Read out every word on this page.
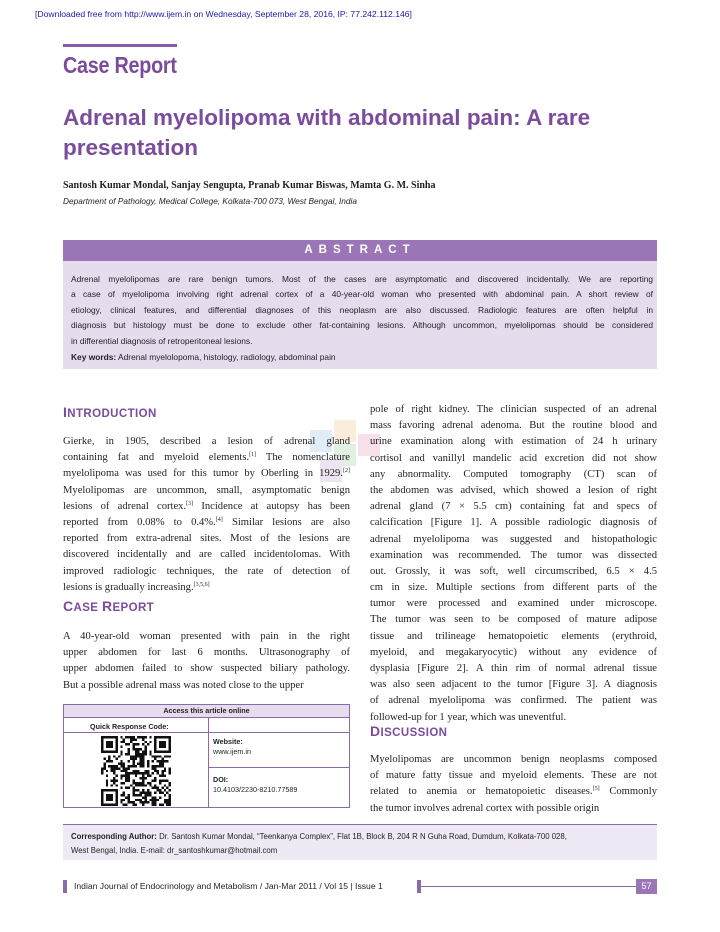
[Downloaded free from http://www.ijem.in on Wednesday, September 28, 2016, IP: 77.242.112.146]
Case Report
Adrenal myelolipoma with abdominal pain: A rare
presentation
Santosh Kumar Mondal, Sanjay Sengupta, Pranab Kumar Biswas, Mamta G. M. Sinha
Department of Pathology, Medical College, Kolkata-700 073, West Bengal, India
ABSTRACT
Adrenal myelolipomas are rare benign tumors. Most of the cases are asymptomatic and discovered incidentally. We are reporting
a case of myelolipoma involving right adrenal cortex of a 40-year-old woman who presented with abdominal pain. A short review of
etiology, clinical features, and differential diagnoses of this neoplasm are also discussed. Radiologic features are often helpful in
diagnosis but histology must be done to exclude other fat-containing lesions. Although uncommon, myelolipomas should be considered
in differential diagnosis of retroperitoneal lesions.
Key words: Adrenal myelolopoma, histology, radiology, abdominal pain
INTRODUCTION
Gierke, in 1905, described a lesion of adrenal gland
containing fat and myeloid elements.[1] The nomenclature
myelolipoma was used for this tumor by Oberling in 1929.[2]
Myelolipomas are uncommon, small, asymptomatic benign
lesions of adrenal cortex.[3] Incidence at autopsy has been
reported from 0.08% to 0.4%.[4] Similar lesions are also
reported from extra-adrenal sites. Most of the lesions are
discovered incidentally and are called incidentolomas. With
improved radiologic techniques, the rate of detection of
lesions is gradually increasing.[3,5,6]
CASE REPORT
A 40-year-old woman presented with pain in the right
upper abdomen for last 6 months. Ultrasonography of
upper abdomen failed to show suspected biliary pathology.
But a possible adrenal mass was noted close to the upper
pole of right kidney. The clinician suspected of an adrenal
mass favoring adrenal adenoma. But the routine blood and
urine examination along with estimation of 24 h urinary
cortisol and vanillyl mandelic acid excretion did not show
any abnormality. Computed tomography (CT) scan of
the abdomen was advised, which showed a lesion of right
adrenal gland (7 × 5.5 cm) containing fat and specs of
calcification [Figure 1]. A possible radiologic diagnosis of
adrenal myelolipoma was suggested and histopathologic
examination was recommended. The tumor was dissected
out. Grossly, it was soft, well circumscribed, 6.5 × 4.5
cm in size. Multiple sections from different parts of the
tumor were processed and examined under microscope.
The tumor was seen to be composed of mature adipose
tissue and trilineage hematopoietic elements (erythroid,
myeloid, and megakaryocytic) without any evidence of
dysplasia [Figure 2]. A thin rim of normal adrenal tissue
was also seen adjacent to the tumor [Figure 3]. A diagnosis
of adrenal myelolipoma was confirmed. The patient was
followed-up for 1 year, which was uneventful.
DISCUSSION
Myelolipomas are uncommon benign neoplasms composed
of mature fatty tissue and myeloid elements. These are not
related to anemia or hematopoietic diseases.[5] Commonly
the tumor involves adrenal cortex with possible origin
Access this article online
Quick Response Code:
Website:
www.ijem.in
DOI:
10.4103/2230-8210.77589
Corresponding Author: Dr. Santosh Kumar Mondal, “Teenkanya Complex”, Flat 1B, Block B, 204 R N Guha Road, Dumdum, Kolkata-700 028,
West Bengal, India. E-mail: dr_santoshkumar@hotmail.com
Indian Journal of Endocrinology and Metabolism / Jan-Mar 2011 / Vol 15 | Issue 1	57
